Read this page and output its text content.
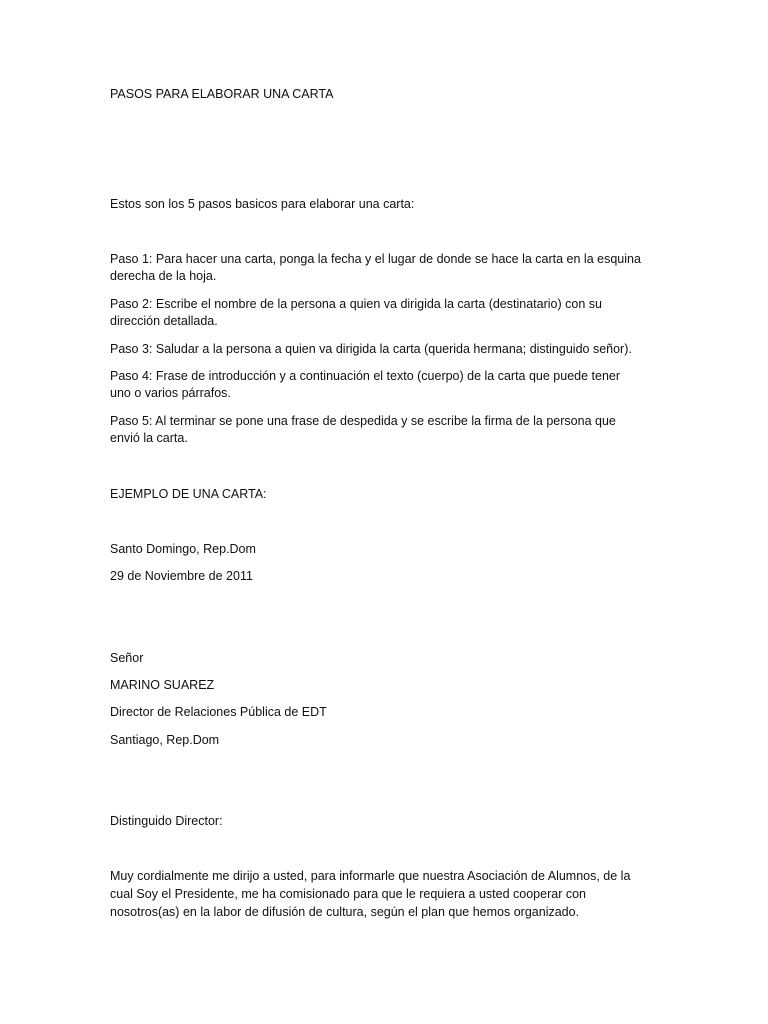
PASOS PARA ELABORAR UNA CARTA
Estos son los 5 pasos basicos para elaborar una carta:
Paso 1: Para hacer una carta, ponga la fecha y el lugar de donde se hace la carta en la esquina
derecha de la hoja.
Paso 2: Escribe el nombre de la persona a quien va dirigida la carta (destinatario) con su
dirección detallada.
Paso 3: Saludar a la persona a quien va dirigida la carta (querida hermana; distinguido señor).
Paso 4: Frase de introducción y a continuación el texto (cuerpo) de la carta que puede tener
uno o varios párrafos.
Paso 5: Al terminar se pone una frase de despedida y se escribe la firma de la persona que
envió la carta.
EJEMPLO DE UNA CARTA:
Santo Domingo, Rep.Dom
29 de Noviembre de 2011
Señor
MARINO SUAREZ
Director de Relaciones Pública de EDT
Santiago, Rep.Dom
Distinguido Director:
Muy cordialmente me dirijo a usted, para informarle que nuestra Asociación de Alumnos, de la
cual Soy el Presidente, me ha comisionado para que le requiera a usted cooperar con
nosotros(as) en la labor de difusión de cultura, según el plan que hemos organizado.
